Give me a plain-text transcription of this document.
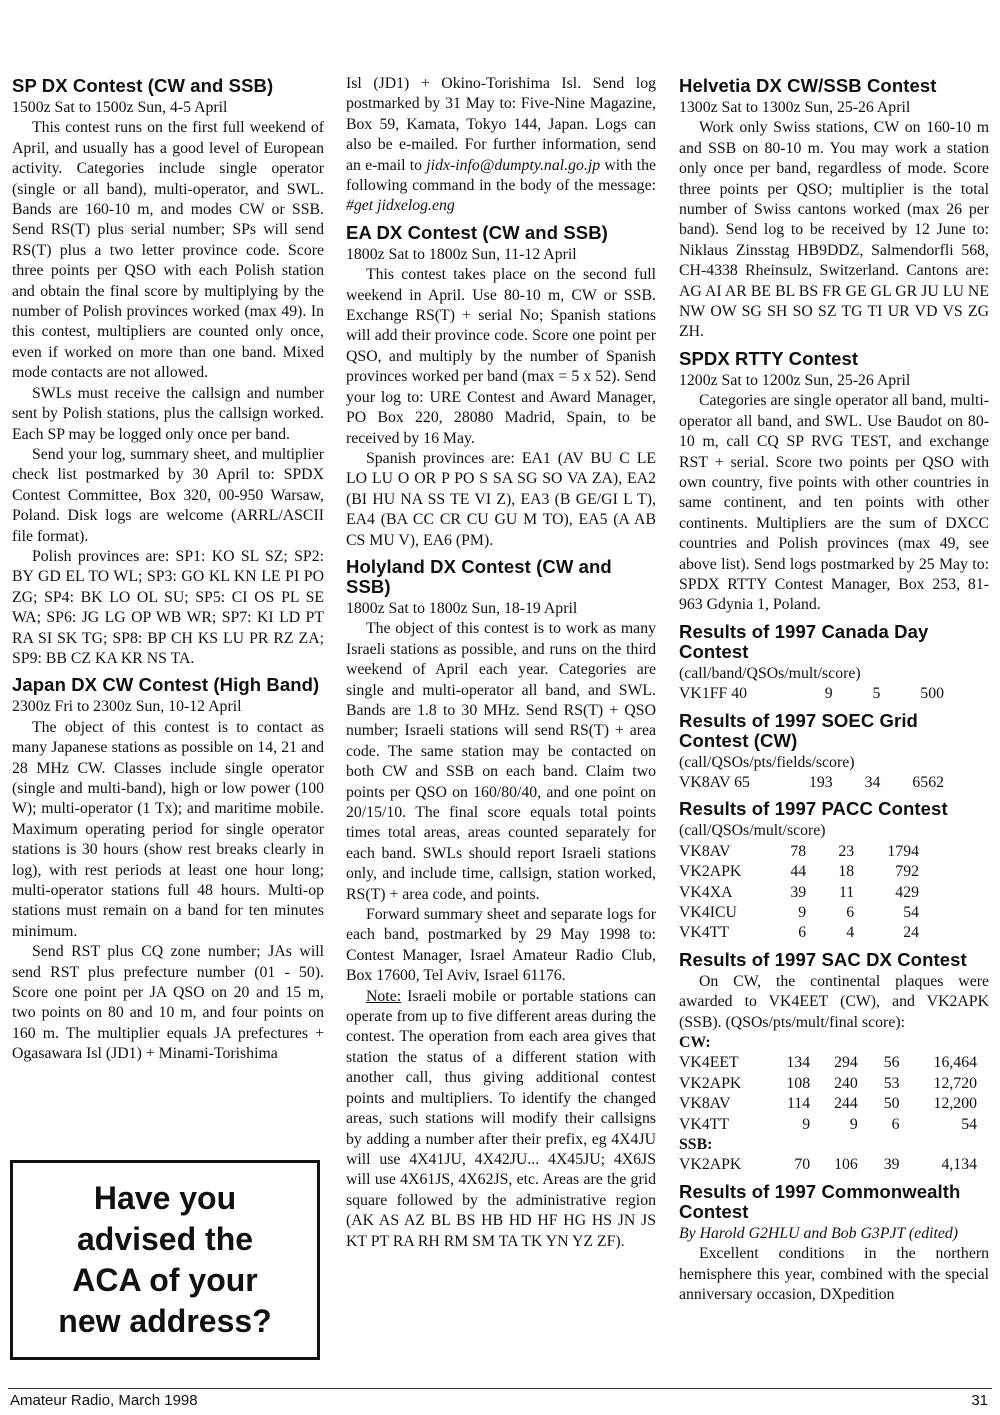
SP DX Contest (CW and SSB)

1500z Sat to 1500z Sun, 4-5 April

This contest runs on the first full weekend of April, and usually has a good level of European activity. Categories include single operator (single or all band), multi-operator, and SWL. Bands are 160-10 m, and modes CW or SSB. Send RS(T) plus serial number; SPs will send RS(T) plus a two letter province code. Score three points per QSO with each Polish station and obtain the final score by multiplying by the number of Polish provinces worked (max 49). In this contest, multipliers are counted only once, even if worked on more than one band. Mixed mode contacts are not allowed.

SWLs must receive the callsign and number sent by Polish stations, plus the callsign worked. Each SP may be logged only once per band.

Send your log, summary sheet, and multiplier check list postmarked by 30 April to: SPDX Contest Committee, Box 320, 00-950 Warsaw, Poland. Disk logs are welcome (ARRL/ASCII file format).

Polish provinces are: SP1: KO SL SZ; SP2: BY GD EL TO WL; SP3: GO KL KN LE PI PO ZG; SP4: BK LO OL SU; SP5: CI OS PL SE WA; SP6: JG LG OP WB WR; SP7: KI LD PT RA SI SK TG; SP8: BP CH KS LU PR RZ ZA; SP9: BB CZ KA KR NS TA.

Japan DX CW Contest (High Band)

2300z Fri to 2300z Sun, 10-12 April

The object of this contest is to contact as many Japanese stations as possible on 14, 21 and 28 MHz CW. Classes include single operator (single and multi-band), high or low power (100 W); multi-operator (1 Tx); and maritime mobile. Maximum operating period for single operator stations is 30 hours (show rest breaks clearly in log), with rest periods at least one hour long; multi-operator stations full 48 hours. Multi-op stations must remain on a band for ten minutes minimum.

Send RST plus CQ zone number; JAs will send RST plus prefecture number (01 - 50). Score one point per JA QSO on 20 and 15 m, two points on 80 and 10 m, and four points on 160 m. The multiplier equals JA prefectures + Ogasawara Isl (JD1) + Minami-Torishima

Have you
advised the
ACA of your
new address?

Isl (JD1) + Okino-Torishima Isl. Send log postmarked by 31 May to: Five-Nine Magazine, Box 59, Kamata, Tokyo 144, Japan. Logs can also be e-mailed. For further information, send an e-mail to jidx-info@dumpty.nal.go.jp with the following command in the body of the message: #get jidxelog.eng

EA DX Contest (CW and SSB)

1800z Sat to 1800z Sun, 11-12 April

This contest takes place on the second full weekend in April. Use 80-10 m, CW or SSB. Exchange RS(T) + serial No; Spanish stations will add their province code. Score one point per QSO, and multiply by the number of Spanish provinces worked per band (max = 5 x 52). Send your log to: URE Contest and Award Manager, PO Box 220, 28080 Madrid, Spain, to be received by 16 May.

Spanish provinces are: EA1 (AV BU C LE LO LU O OR P PO S SA SG SO VA ZA), EA2 (BI HU NA SS TE VI Z), EA3 (B GE/GI L T), EA4 (BA CC CR CU GU M TO), EA5 (A AB CS MU V), EA6 (PM).

Holyland DX Contest (CW and SSB)

1800z Sat to 1800z Sun, 18-19 April

The object of this contest is to work as many Israeli stations as possible, and runs on the third weekend of April each year. Categories are single and multi-operator all band, and SWL. Bands are 1.8 to 30 MHz. Send RS(T) + QSO number; Israeli stations will send RS(T) + area code. The same station may be contacted on both CW and SSB on each band. Claim two points per QSO on 160/80/40, and one point on 20/15/10. The final score equals total points times total areas, areas counted separately for each band. SWLs should report Israeli stations only, and include time, callsign, station worked, RS(T) + area code, and points.

Forward summary sheet and separate logs for each band, postmarked by 29 May 1998 to: Contest Manager, Israel Amateur Radio Club, Box 17600, Tel Aviv, Israel 61176.

Note: Israeli mobile or portable stations can operate from up to five different areas during the contest. The operation from each area gives that station the status of a different station with another call, thus giving additional contest points and multipliers. To identify the changed areas, such stations will modify their callsigns by adding a number after their prefix, eg 4X4JU will use 4X41JU, 4X42JU... 4X45JU; 4X6JS will use 4X61JS, 4X62JS, etc. Areas are the grid square followed by the administrative region (AK AS AZ BL BS HB HD HF HG HS JN JS KT PT RA RH RM SM TA TK YN YZ ZF).

Helvetia DX CW/SSB Contest

1300z Sat to 1300z Sun, 25-26 April

Work only Swiss stations, CW on 160-10 m and SSB on 80-10 m. You may work a station only once per band, regardless of mode. Score three points per QSO; multiplier is the total number of Swiss cantons worked (max 26 per band). Send log to be received by 12 June to: Niklaus Zinsstag HB9DDZ, Salmendorfli 568, CH-4338 Rheinsulz, Switzerland. Cantons are: AG AI AR BE BL BS FR GE GL GR JU LU NE NW OW SG SH SO SZ TG TI UR VD VS ZG ZH.

SPDX RTTY Contest

1200z Sat to 1200z Sun, 25-26 April

Categories are single operator all band, multi-operator all band, and SWL. Use Baudot on 80-10 m, call CQ SP RVG TEST, and exchange RST + serial. Score two points per QSO with own country, five points with other countries in same continent, and ten points with other continents. Multipliers are the sum of DXCC countries and Polish provinces (max 49, see above list). Send logs postmarked by 25 May to: SPDX RTTY Contest Manager, Box 253, 81-963 Gdynia 1, Poland.

Results of 1997 Canada Day Contest

(call/band/QSOs/mult/score)

VK1FF 40	9	5	500
Results of 1997 SOEC Grid Contest (CW)

(call/QSOs/pts/fields/score)

VK8AV 65	193	34	6562
Results of 1997 PACC Contest

(call/QSOs/mult/score)

VK8AV	78	23	1794
VK2APK	44	18	792
VK4XA	39	11	429
VK4ICU	9	6	54
VK4TT	6	4	24
Results of 1997 SAC DX Contest

On CW, the continental plaques were awarded to VK4EET (CW), and VK2APK (SSB). (QSOs/pts/mult/final score):

CW:

VK4EET	134	294	56	16,464
VK2APK	108	240	53	12,720
VK8AV	114	244	50	12,200
VK4TT	9	9	6	54

SSB:

VK2APK	70	106	39	4,134
Results of 1997 Commonwealth Contest

By Harold G2HLU and Bob G3PJT (edited)

Excellent conditions in the northern hemisphere this year, combined with the special anniversary occasion, DXpedition

Amateur Radio, March 1998	31
